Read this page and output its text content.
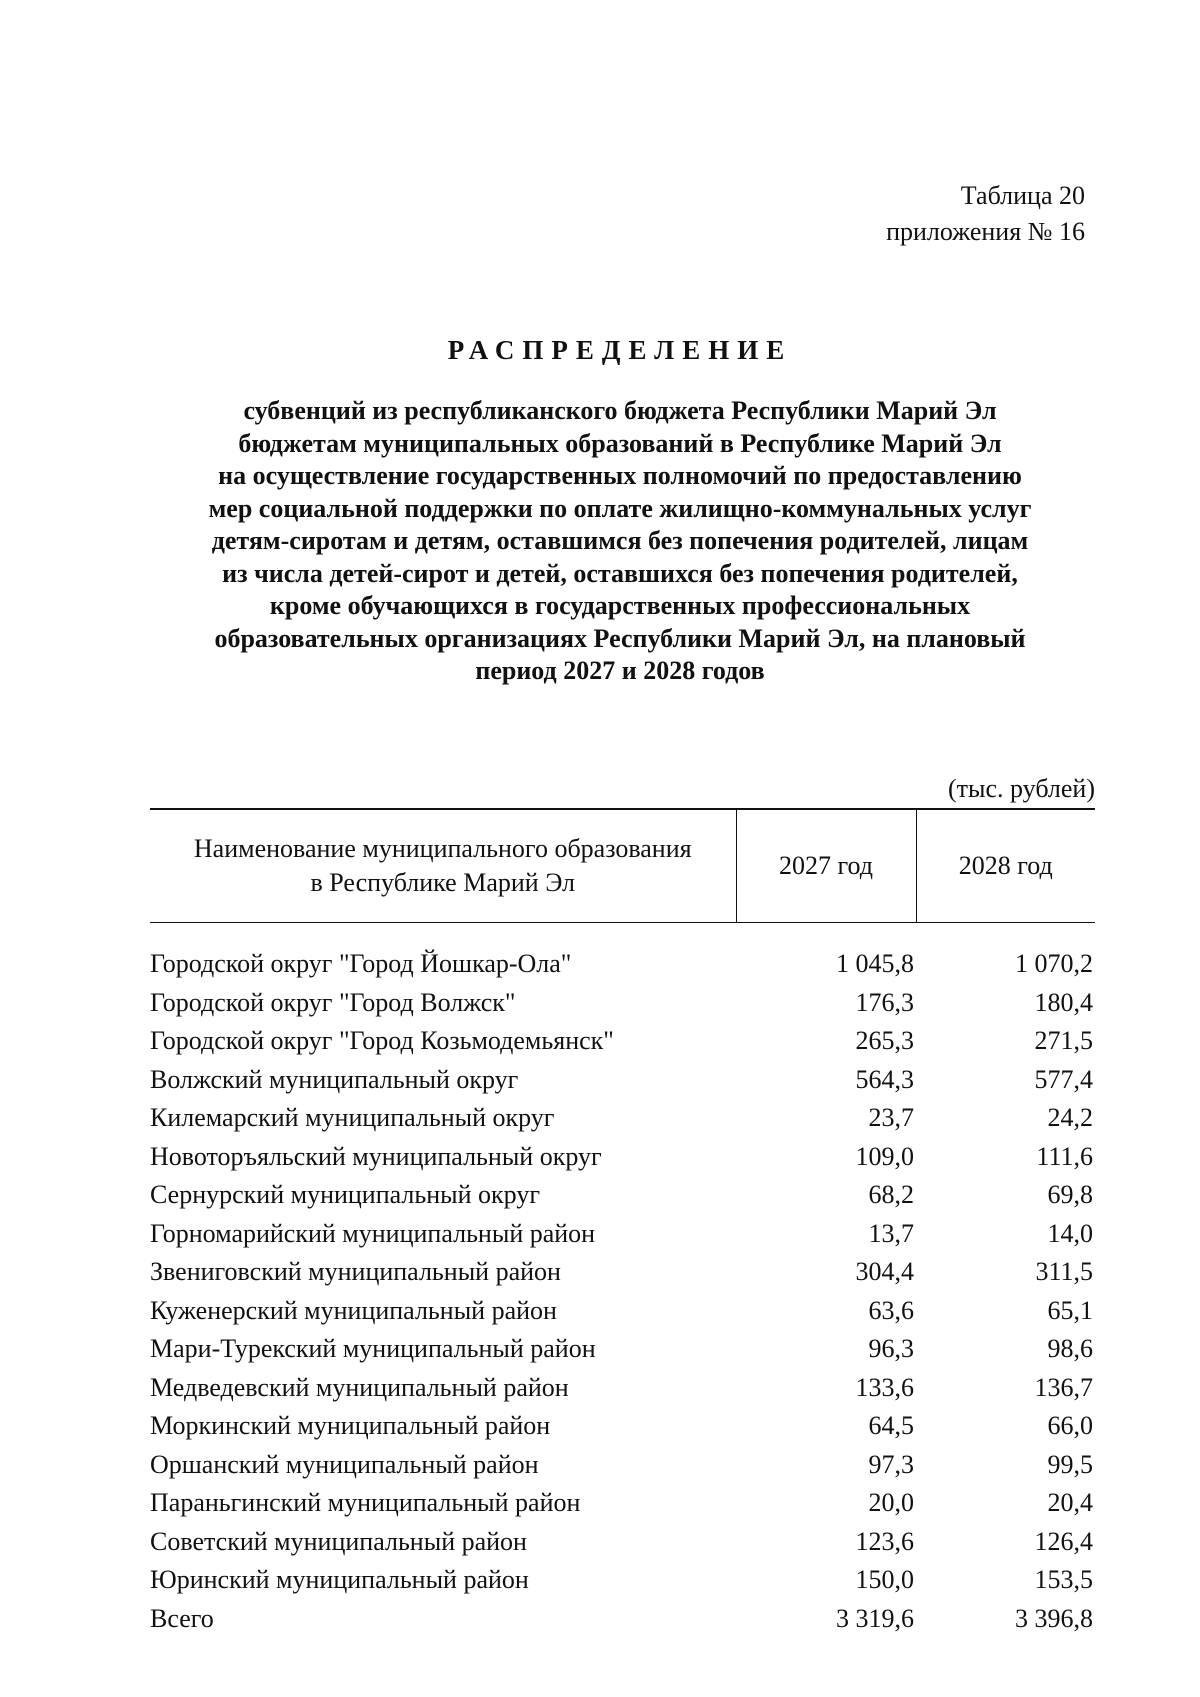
Таблица 20
приложения № 16
РАСПРЕДЕЛЕНИЕ
субвенций из республиканского бюджета Республики Марий Эл
бюджетам муниципальных образований в Республике Марий Эл
на осуществление государственных полномочий по предоставлению
мер социальной поддержки по оплате жилищно-коммунальных услуг
детям-сиротам и детям, оставшимся без попечения родителей, лицам
из числа детей-сирот и детей, оставшихся без попечения родителей,
кроме обучающихся в государственных профессиональных
образовательных организациях Республики Марий Эл, на плановый
период 2027 и 2028 годов
(тыс. рублей)
Наименование муниципального образования
в Республике Марий Эл	2027 год	2028 год
Городской округ "Город Йошкар-Ола"	1 045,8	1 070,2
Городской округ "Город Волжск"	176,3	180,4
Городской округ "Город Козьмодемьянск"	265,3	271,5
Волжский муниципальный округ	564,3	577,4
Килемарский муниципальный округ	23,7	24,2
Новоторъяльский муниципальный округ	109,0	111,6
Сернурский муниципальный округ	68,2	69,8
Горномарийский муниципальный район	13,7	14,0
Звениговский муниципальный район	304,4	311,5
Куженерский муниципальный район	63,6	65,1
Мари-Турекский муниципальный район	96,3	98,6
Медведевский муниципальный район	133,6	136,7
Моркинский муниципальный район	64,5	66,0
Оршанский муниципальный район	97,3	99,5
Параньгинский муниципальный район	20,0	20,4
Советский муниципальный район	123,6	126,4
Юринский муниципальный район	150,0	153,5
Всего	3 319,6	3 396,8
